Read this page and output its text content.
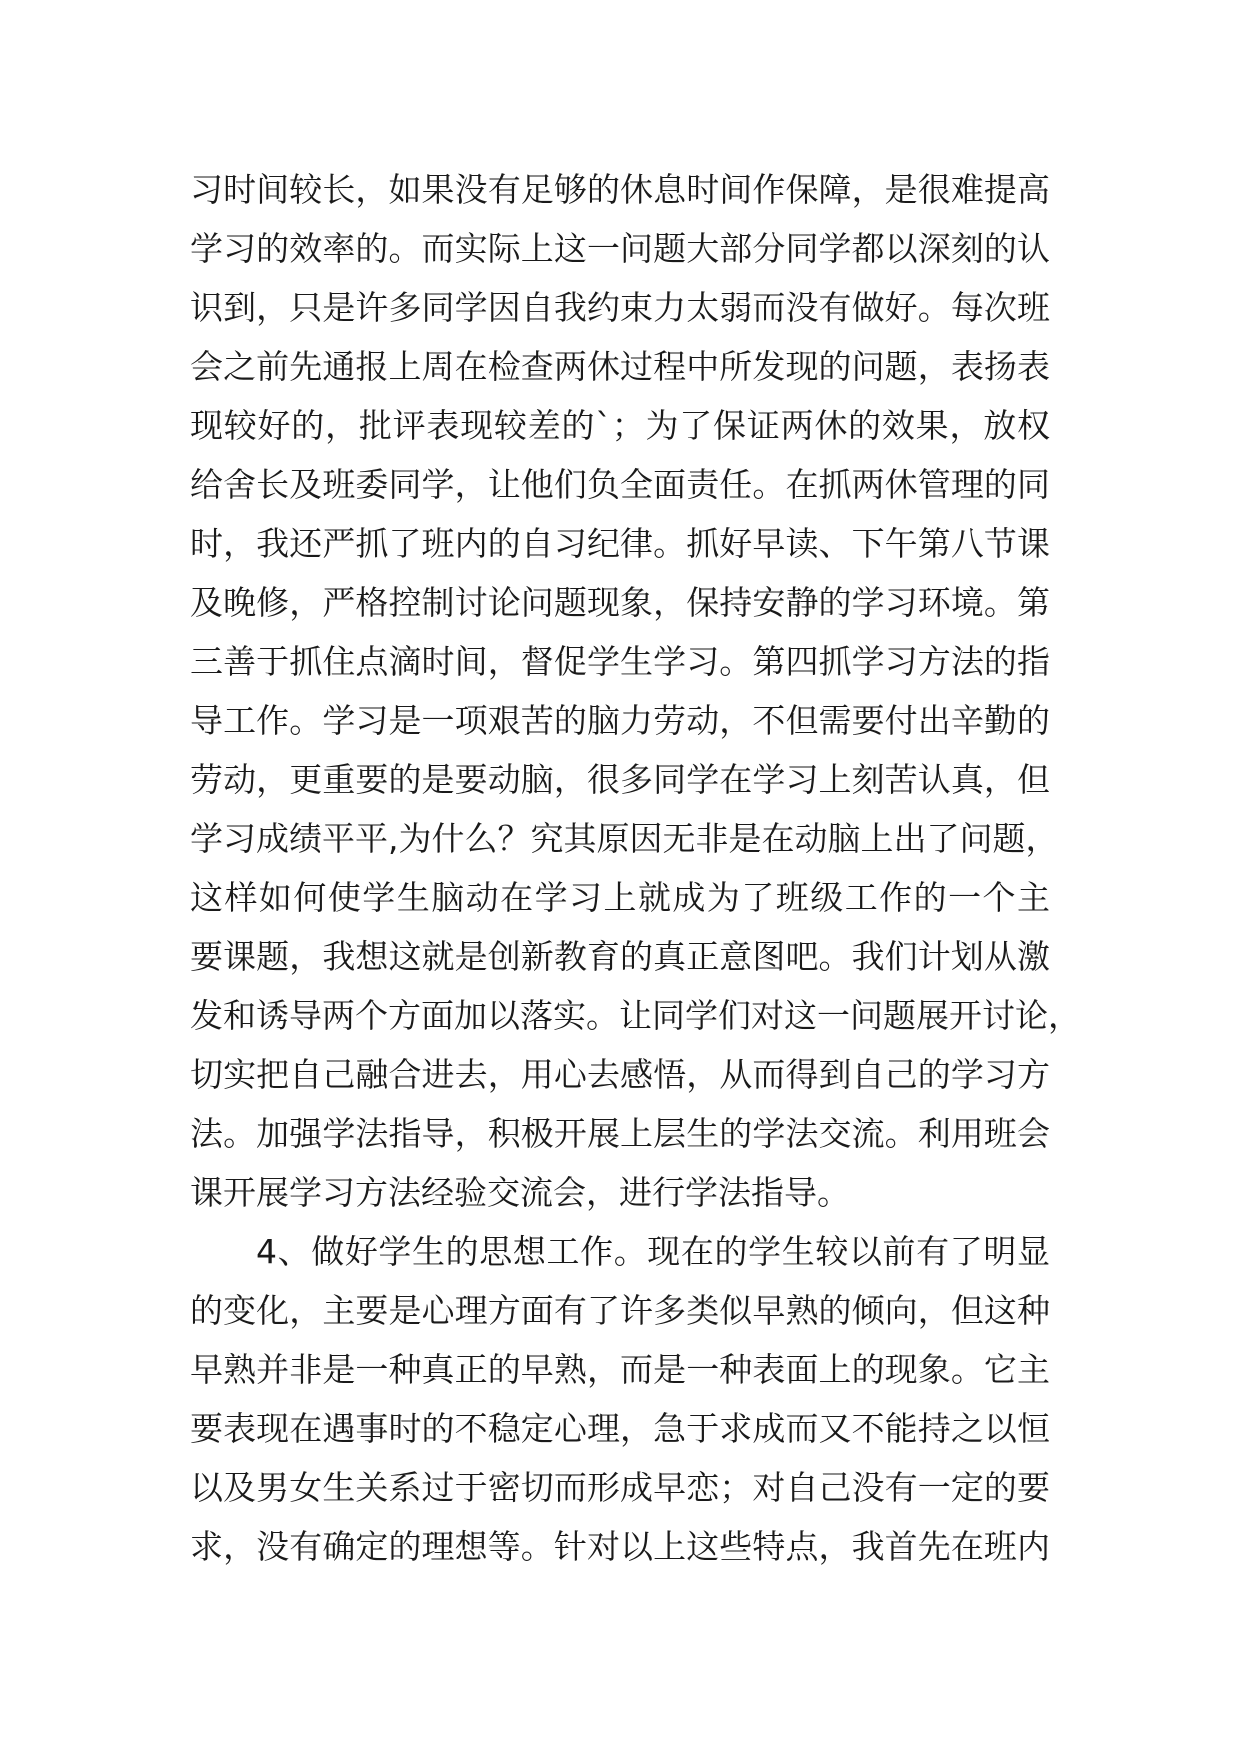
习时间较长，如果没有足够的休息时间作保障，是很难提高
学习的效率的。而实际上这一问题大部分同学都以深刻的认
识到，只是许多同学因自我约束力太弱而没有做好。每次班
会之前先通报上周在检查两休过程中所发现的问题，表扬表
现较好的，批评表现较差的`；为了保证两休的效果，放权
给舍长及班委同学，让他们负全面责任。在抓两休管理的同
时，我还严抓了班内的自习纪律。抓好早读、下午第八节课
及晚修，严格控制讨论问题现象，保持安静的学习环境。第
三善于抓住点滴时间，督促学生学习。第四抓学习方法的指
导工作。学习是一项艰苦的脑力劳动，不但需要付出辛勤的
劳动，更重要的是要动脑，很多同学在学习上刻苦认真，但
学习成绩平平,为什么？究其原因无非是在动脑上出了问题，
这样如何使学生脑动在学习上就成为了班级工作的一个主
要课题，我想这就是创新教育的真正意图吧。我们计划从激
发和诱导两个方面加以落实。让同学们对这一问题展开讨论，
切实把自己融合进去，用心去感悟，从而得到自己的学习方
法。加强学法指导，积极开展上层生的学法交流。利用班会
课开展学习方法经验交流会，进行学法指导。
4、做好学生的思想工作。现在的学生较以前有了明显
的变化，主要是心理方面有了许多类似早熟的倾向，但这种
早熟并非是一种真正的早熟，而是一种表面上的现象。它主
要表现在遇事时的不稳定心理，急于求成而又不能持之以恒
以及男女生关系过于密切而形成早恋；对自己没有一定的要
求，没有确定的理想等。针对以上这些特点，我首先在班内
